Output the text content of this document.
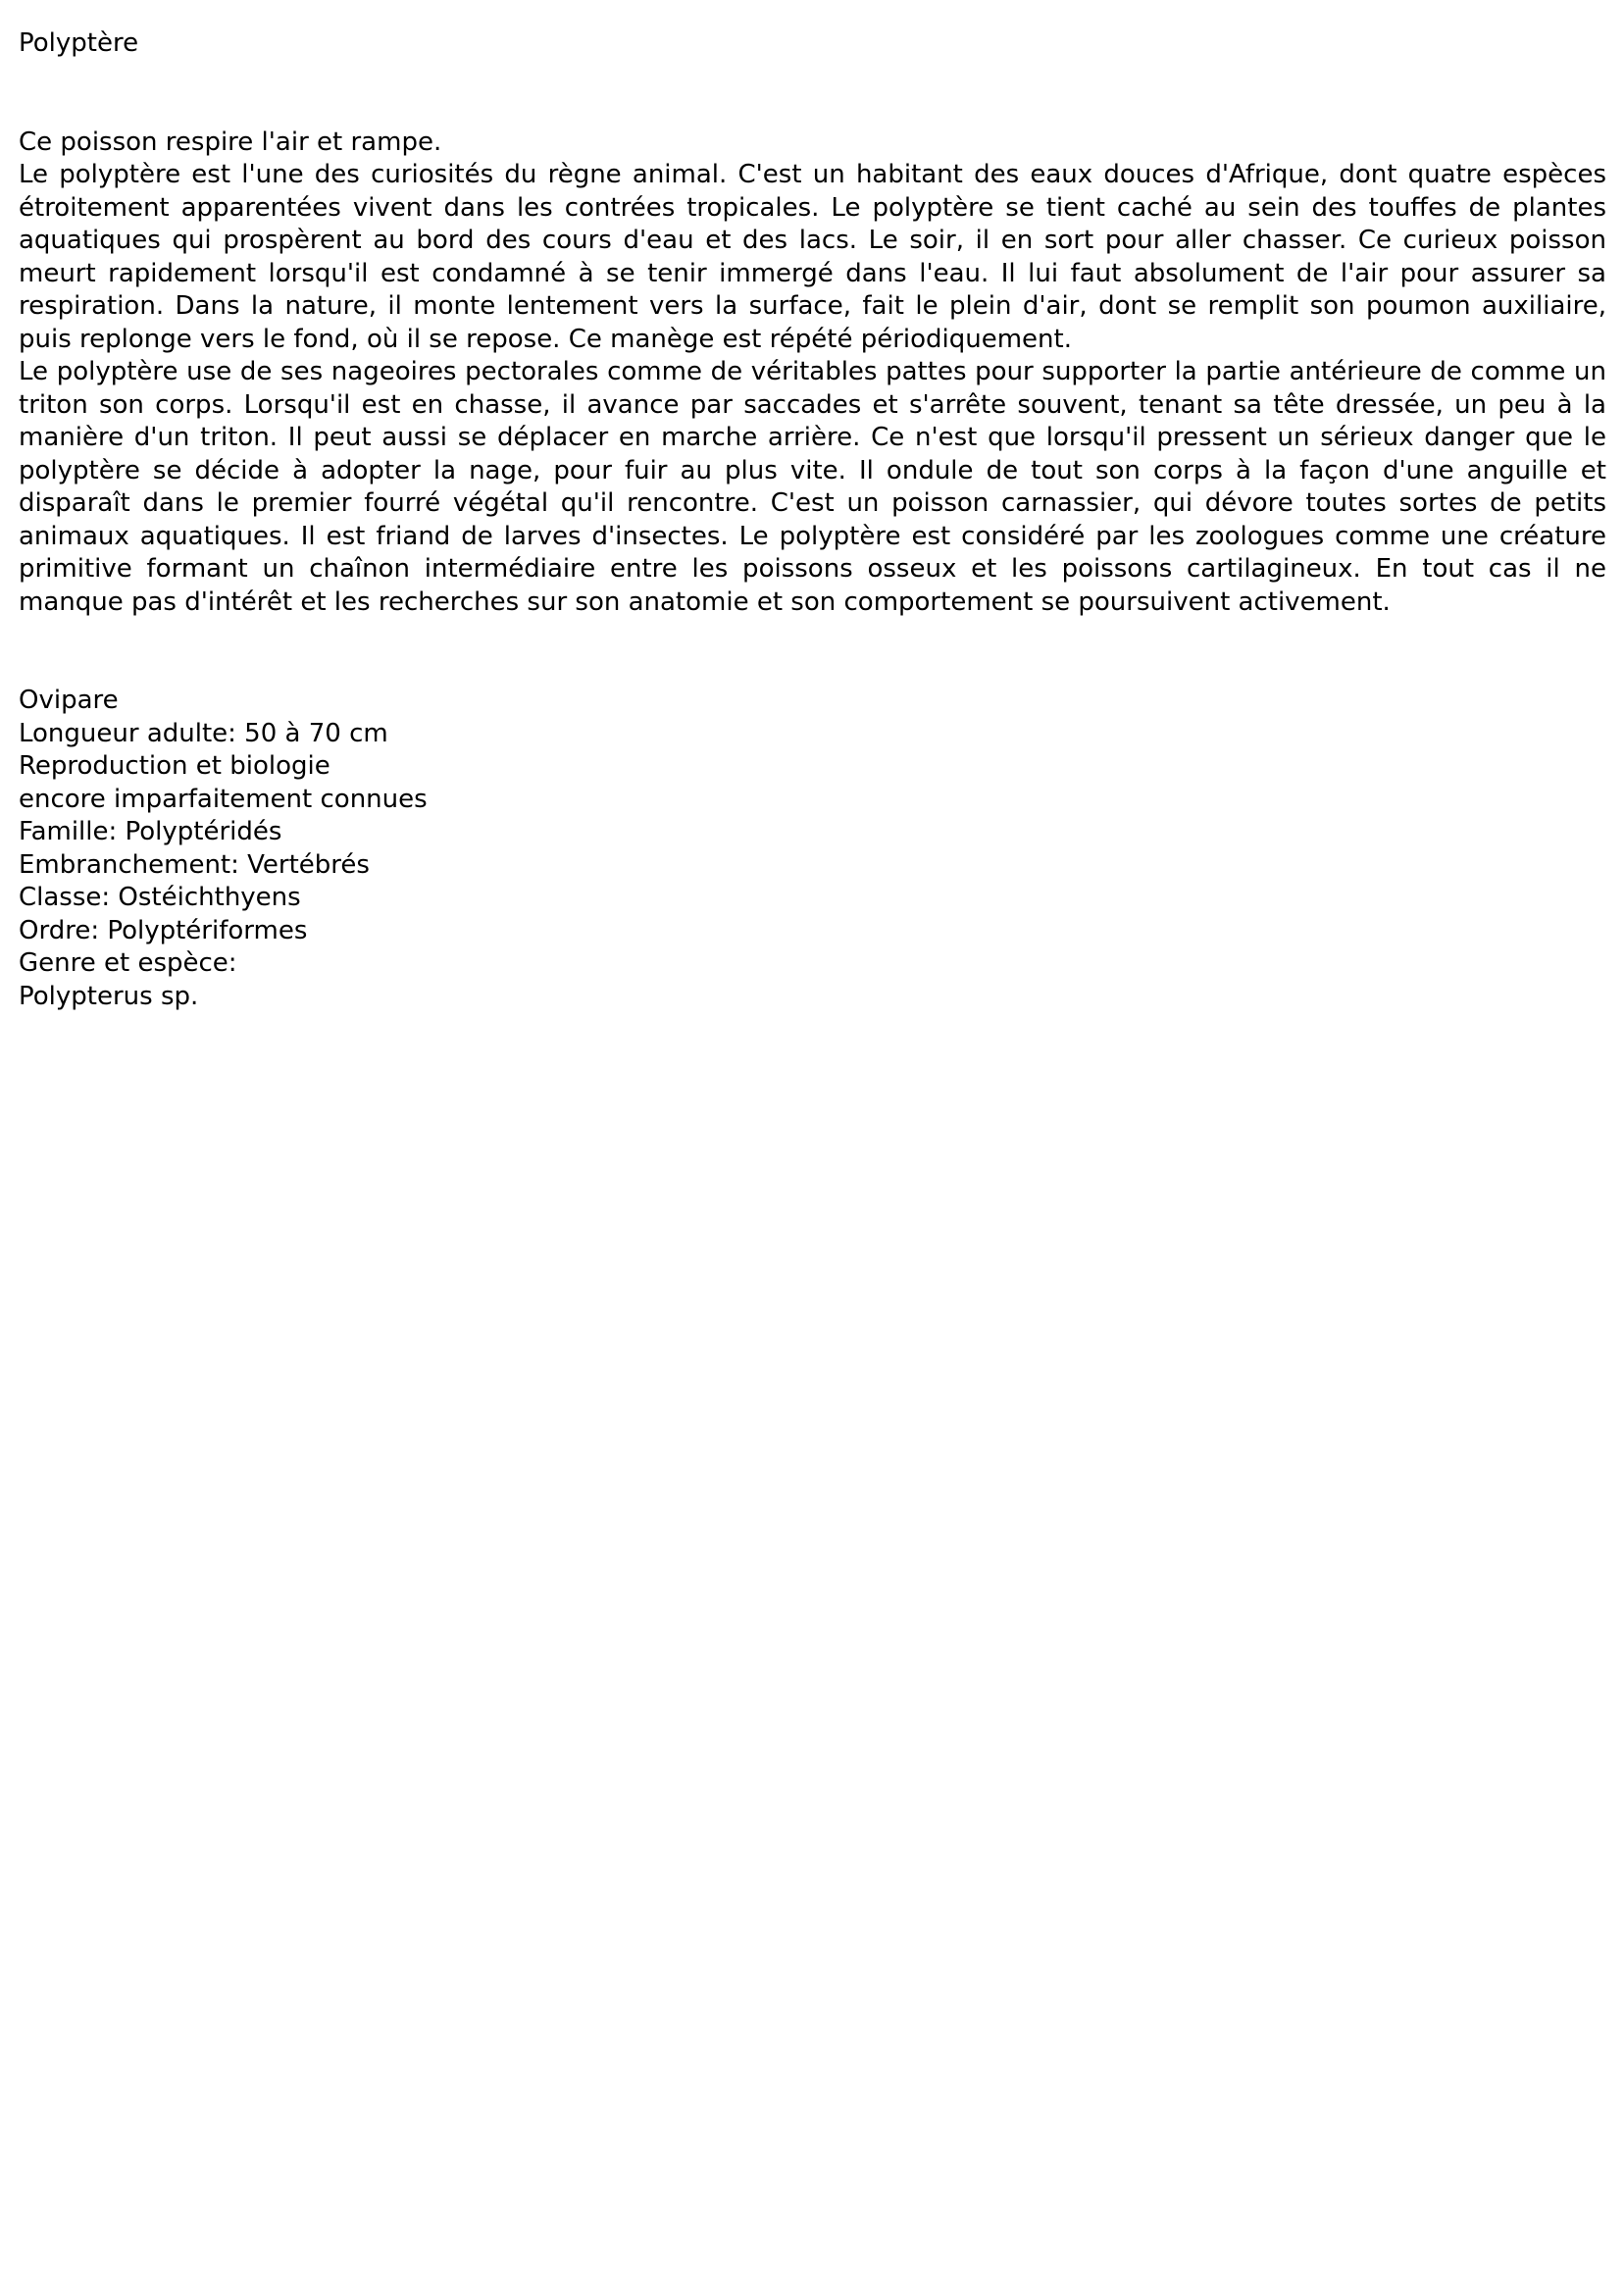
Polyptère
Ce poisson respire l'air et rampe.

Le polyptère est l'une des curiosités du règne animal. C'est un habitant des eaux douces d'Afrique, dont quatre espèces étroitement apparentées vivent dans les contrées tropicales. Le polyptère se tient caché au sein des touffes de plantes aquatiques qui prospèrent au bord des cours d'eau et des lacs. Le soir, il en sort pour aller chasser. Ce curieux poisson meurt rapidement lorsqu'il est condamné à se tenir immergé dans l'eau. Il lui faut absolument de l'air pour assurer sa respiration. Dans la nature, il monte lentement vers la surface, fait le plein d'air, dont se remplit son poumon auxiliaire, puis replonge vers le fond, où il se repose. Ce manège est répété périodiquement.

Le polyptère use de ses nageoires pectorales comme de véritables pattes pour supporter la partie antérieure de comme un triton son corps. Lorsqu'il est en chasse, il avance par saccades et s'arrête souvent, tenant sa tête dressée, un peu à la manière d'un triton. Il peut aussi se déplacer en marche arrière. Ce n'est que lorsqu'il pressent un sérieux danger que le polyptère se décide à adopter la nage, pour fuir au plus vite. Il ondule de tout son corps à la façon d'une anguille et disparaît dans le premier fourré végétal qu'il rencontre. C'est un poisson carnassier, qui dévore toutes sortes de petits animaux aquatiques. Il est friand de larves d'insectes. Le polyptère est considéré par les zoologues comme une créature primitive formant un chaînon intermédiaire entre les poissons osseux et les poissons cartilagineux. En tout cas il ne manque pas d'intérêt et les recherches sur son anatomie et son comportement se poursuivent activement.

Ovipare
Longueur adulte: 50 à 70 cm
Reproduction et biologie
encore imparfaitement connues
Famille: Polyptéridés
Embranchement: Vertébrés
Classe: Ostéichthyens
Ordre: Polyptériformes
Genre et espèce:
Polypterus sp.
